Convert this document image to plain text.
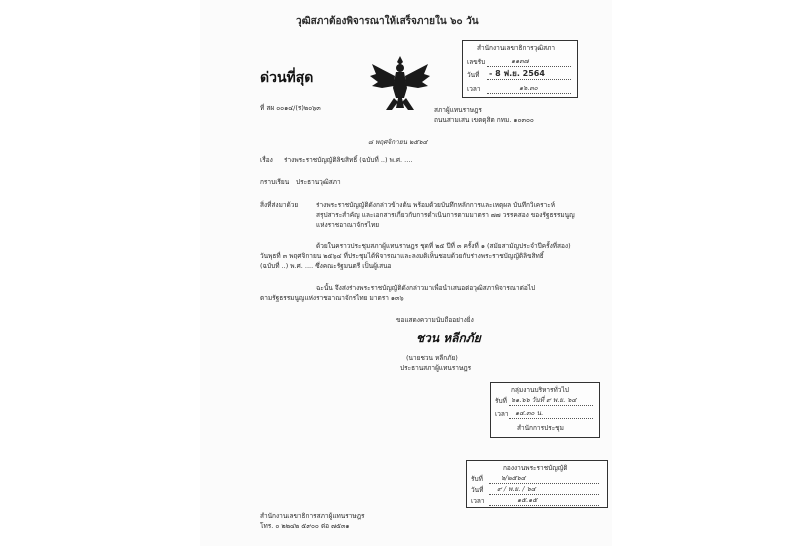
วุฒิสภาต้องพิจารณาให้เสร็จภายใน ๖๐ วัน
ด่วนที่สุด
ที่ สผ ๐๐๑๔/(ร)๒๐๖๓
สำนักงานเลขาธิการวุฒิสภา
เลขรับ	๑๑๓๗
วันที่ - 8 ฟ.ย. 2564
เวลา	๑๖.๓๐
สภาผู้แทนราษฎร
ถนนสามเสน เขตดุสิต กทม. ๑๐๓๐๐
๘ พฤศจิกายน ๒๕๖๔
เรื่อง ร่างพระราชบัญญัติลิขสิทธิ์ (ฉบับที่ ..) พ.ศ. ....
กราบเรียน ประธานวุฒิสภา
สิ่งที่ส่งมาด้วย	ร่างพระราชบัญญัติดังกล่าวข้างต้น พร้อมด้วยบันทึกหลักการและเหตุผล บันทึกวิเคราะห์
สรุปสาระสำคัญ และเอกสารเกี่ยวกับการดำเนินการตามมาตรา ๗๗ วรรคสอง ของรัฐธรรมนูญ
แห่งราชอาณาจักรไทย
ด้วยในคราวประชุมสภาผู้แทนราษฎร ชุดที่ ๒๕ ปีที่ ๓ ครั้งที่ ๑ (สมัยสามัญประจำปีครั้งที่สอง)
วันพุธที่ ๓ พฤศจิกายน ๒๕๖๔ ที่ประชุมได้พิจารณาและลงมติเห็นชอบด้วยกับร่างพระราชบัญญัติลิขสิทธิ์
(ฉบับที่ ..) พ.ศ. .... ซึ่งคณะรัฐมนตรี เป็นผู้เสนอ
ฉะนั้น จึงส่งร่างพระราชบัญญัติดังกล่าวมาเพื่อนำเสนอต่อวุฒิสภาพิจารณาต่อไป
ตามรัฐธรรมนูญแห่งราชอาณาจักรไทย มาตรา ๑๓๖
ขอแสดงความนับถืออย่างยิ่ง
ชวน หลีกภัย
(นายชวน หลีกภัย)
ประธานสภาผู้แทนราษฎร
กลุ่มงานบริหารทั่วไป
รับที่ ๖๑.๖๖ วันที่ ๙ พ.ย. ๖๔
เวลา ๑๔.๓๐ น.
สำนักการประชุม
กองงานพระราชบัญญัติ
รับที่	๖/๒๕๖๔
วันที่ ๙ / พ.ย. / ๖๔
เวลา	๑๕.๑๕
สำนักงานเลขาธิการสภาผู้แทนราษฎร
โทร. ๐ ๒๒๔๒ ๕๙๐๐ ต่อ ๗๕๓๑
